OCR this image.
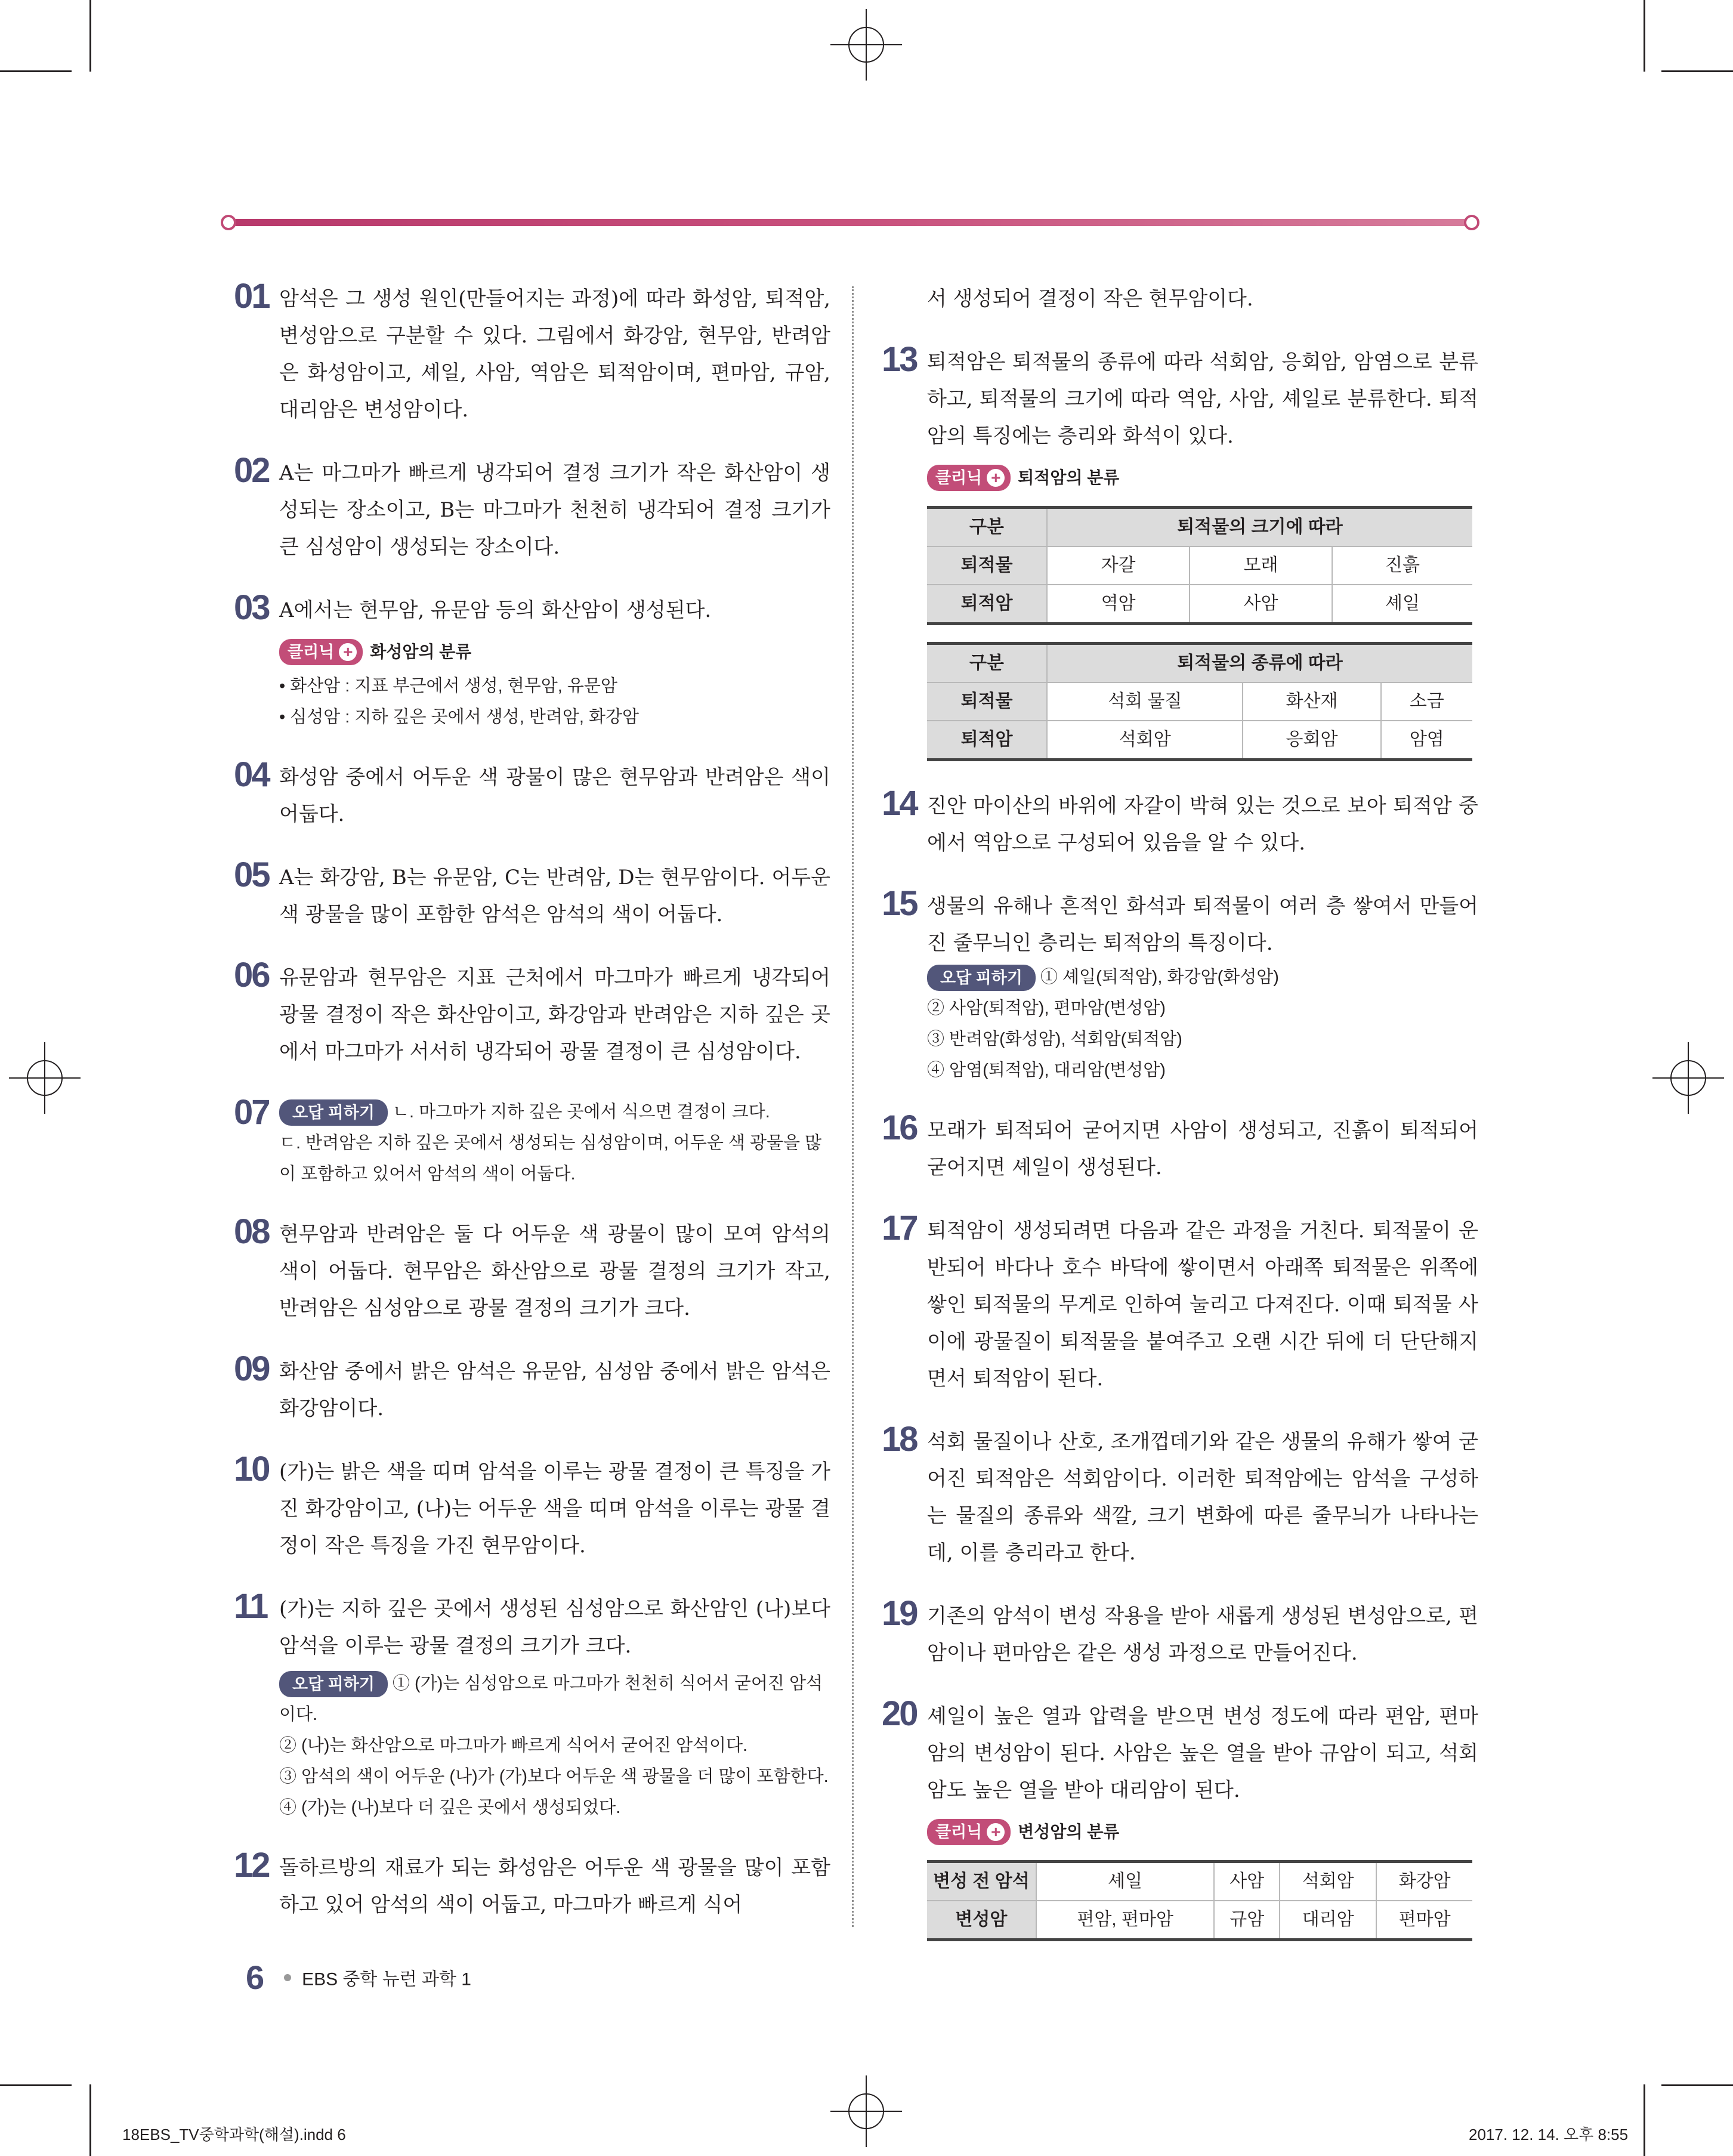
01 암석은 그 생성 원인(만들어지는 과정)에 따라 화성암, 퇴적암, 변성암으로 구분할 수 있다. 그림에서 화강암, 현무암, 반려암은 화성암이고, 셰일, 사암, 역암은 퇴적암이며, 편마암, 규암, 대리암은 변성암이다.
02 A는 마그마가 빠르게 냉각되어 결정 크기가 작은 화산암이 생성되는 장소이고, B는 마그마가 천천히 냉각되어 결정 크기가 큰 심성암이 생성되는 장소이다.
03 A에서는 현무암, 유문암 등의 화산암이 생성된다.
클리닉 + 화성암의 분류
• 화산암 : 지표 부근에서 생성, 현무암, 유문암
• 심성암 : 지하 깊은 곳에서 생성, 반려암, 화강암
04 화성암 중에서 어두운 색 광물이 많은 현무암과 반려암은 색이 어둡다.
05 A는 화강암, B는 유문암, C는 반려암, D는 현무암이다. 어두운 색 광물을 많이 포함한 암석은 암석의 색이 어둡다.
06 유문암과 현무암은 지표 근처에서 마그마가 빠르게 냉각되어 광물 결정이 작은 화산암이고, 화강암과 반려암은 지하 깊은 곳에서 마그마가 서서히 냉각되어 광물 결정이 큰 심성암이다.
07	오답 피하기 ㄴ. 마그마가 지하 깊은 곳에서 식으면 결정이 크다.
ㄷ. 반려암은 지하 깊은 곳에서 생성되는 심성암이며, 어두운 색 광물을 많이 포함하고 있어서 암석의 색이 어둡다.
08 현무암과 반려암은 둘 다 어두운 색 광물이 많이 모여 암석의 색이 어둡다. 현무암은 화산암으로 광물 결정의 크기가 작고, 반려암은 심성암으로 광물 결정의 크기가 크다.
09 화산암 중에서 밝은 암석은 유문암, 심성암 중에서 밝은 암석은 화강암이다.
10 (가)는 밝은 색을 띠며 암석을 이루는 광물 결정이 큰 특징을 가진 화강암이고, (나)는 어두운 색을 띠며 암석을 이루는 광물 결정이 작은 특징을 가진 현무암이다.
11 (가)는 지하 깊은 곳에서 생성된 심성암으로 화산암인 (나)보다 암석을 이루는 광물 결정의 크기가 크다.
오답 피하기 ① (가)는 심성암으로 마그마가 천천히 식어서 굳어진 암석이다.
② (나)는 화산암으로 마그마가 빠르게 식어서 굳어진 암석이다.
③ 암석의 색이 어두운 (나)가 (가)보다 어두운 색 광물을 더 많이 포함한다.
④ (가)는 (나)보다 더 깊은 곳에서 생성되었다.
12 돌하르방의 재료가 되는 화성암은 어두운 색 광물을 많이 포함하고 있어 암석의 색이 어둡고, 마그마가 빠르게 식어
서 생성되어 결정이 작은 현무암이다.
13 퇴적암은 퇴적물의 종류에 따라 석회암, 응회암, 암염으로 분류하고, 퇴적물의 크기에 따라 역암, 사암, 셰일로 분류한다. 퇴적암의 특징에는 층리와 화석이 있다.
클리닉 + 퇴적암의 분류
구분	퇴적물의 크기에 따라		
퇴적물	자갈	모래	진흙
퇴적암	역암	사암	셰일
구분	퇴적물의 종류에 따라		
퇴적물	석회 물질	화산재	소금
퇴적암	석회암	응회암	암염
14 진안 마이산의 바위에 자갈이 박혀 있는 것으로 보아 퇴적암 중에서 역암으로 구성되어 있음을 알 수 있다.
15 생물의 유해나 흔적인 화석과 퇴적물이 여러 층 쌓여서 만들어진 줄무늬인 층리는 퇴적암의 특징이다.
오답 피하기 ① 셰일(퇴적암), 화강암(화성암)
② 사암(퇴적암), 편마암(변성암)
③ 반려암(화성암), 석회암(퇴적암)
④ 암염(퇴적암), 대리암(변성암)
16 모래가 퇴적되어 굳어지면 사암이 생성되고, 진흙이 퇴적되어 굳어지면 셰일이 생성된다.
17 퇴적암이 생성되려면 다음과 같은 과정을 거친다. 퇴적물이 운반되어 바다나 호수 바닥에 쌓이면서 아래쪽 퇴적물은 위쪽에 쌓인 퇴적물의 무게로 인하여 눌리고 다져진다. 이때 퇴적물 사이에 광물질이 퇴적물을 붙여주고 오랜 시간 뒤에 더 단단해지면서 퇴적암이 된다.
18 석회 물질이나 산호, 조개껍데기와 같은 생물의 유해가 쌓여 굳어진 퇴적암은 석회암이다. 이러한 퇴적암에는 암석을 구성하는 물질의 종류와 색깔, 크기 변화에 따른 줄무늬가 나타나는데, 이를 층리라고 한다.
19 기존의 암석이 변성 작용을 받아 새롭게 생성된 변성암으로, 편암이나 편마암은 같은 생성 과정으로 만들어진다.
20 셰일이 높은 열과 압력을 받으면 변성 정도에 따라 편암, 편마암의 변성암이 된다. 사암은 높은 열을 받아 규암이 되고, 석회암도 높은 열을 받아 대리암이 된다.
클리닉 + 변성암의 분류
변성 전 암석	셰일	사암	석회암	화강암
변성암	편암, 편마암	규암	대리암	편마암
6 EBS 중학 뉴런 과학 1
18EBS_TV중학과학(해설).indd 6	2017. 12. 14. 오후 8:55
